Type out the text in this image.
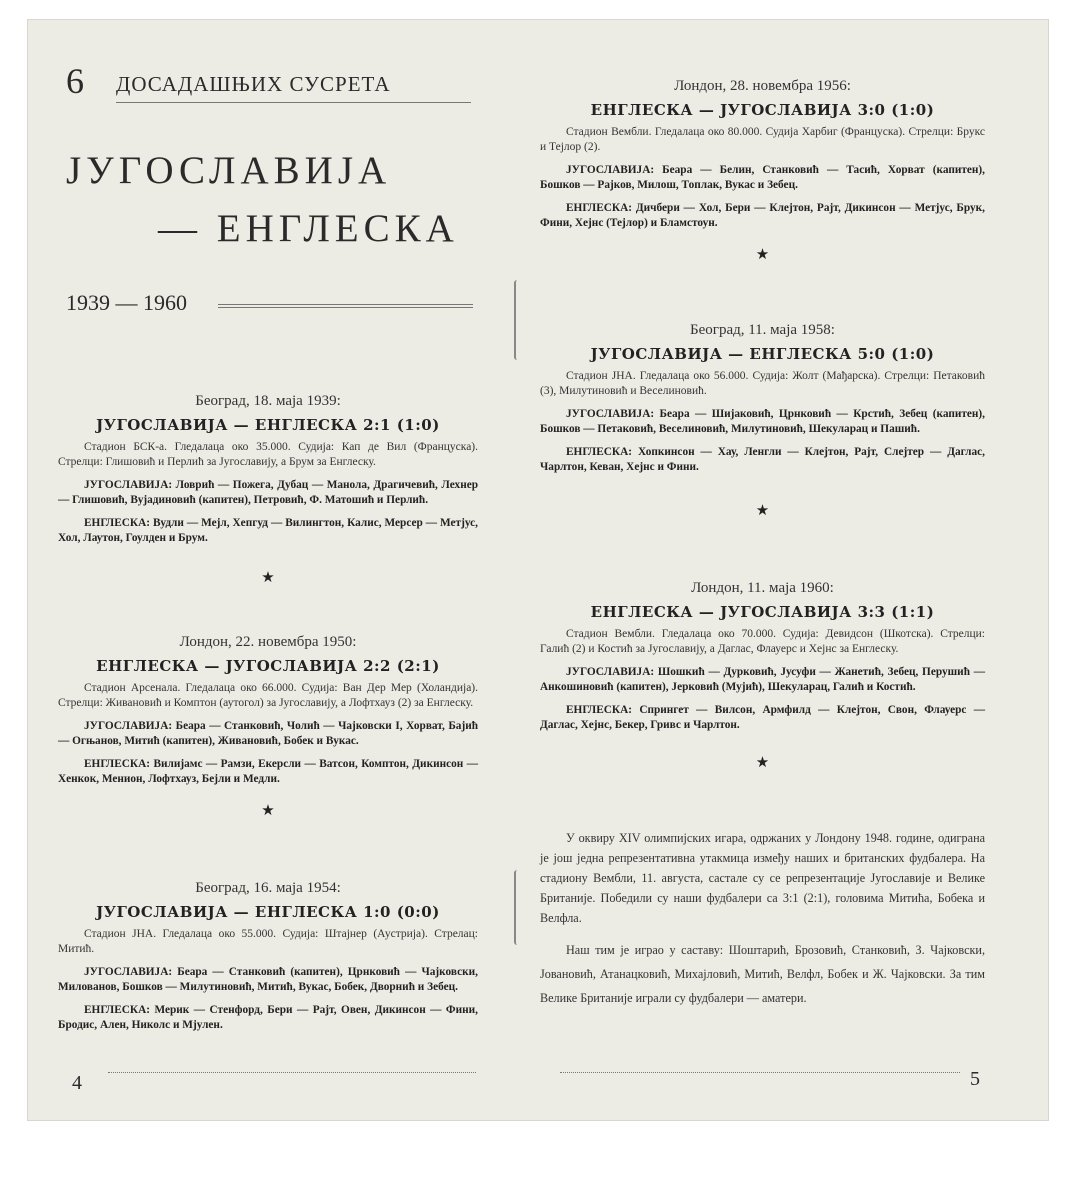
6 ДОСАДАШЊИХ СУСРЕТА
ЈУГОСЛАВИЈА
— ЕНГЛЕСКА
1939 — 1960
Београд, 18. маја 1939:
ЈУГОСЛАВИЈА — ЕНГЛЕСКА 2:1 (1:0)
Стадион БСК-а. Гледалаца око 35.000. Судија: Кап де Вил (Француска). Стрелци: Глишовић и Перлић за Југославију, а Брум за Енглеску.
ЈУГОСЛАВИЈА: Ловрић — Пожега, Дубац — Манола, Драгичевић, Лехнер — Глишовић, Вујадиновић (капитен), Петровић, Ф. Матошић и Перлић.
ЕНГЛЕСКА: Вудли — Мејл, Хепгуд — Вилингтон, Калис, Мерсер — Метјус, Хол, Лаутон, Гоулден и Брум.
★
Лондон, 22. новембра 1950:
ЕНГЛЕСКА — ЈУГОСЛАВИЈА 2:2 (2:1)
Стадион Арсенала. Гледалаца око 66.000. Судија: Ван Дер Мер (Холандија). Стрелци: Живановић и Комптон (аутогол) за Југославију, а Лофтхауз (2) за Енглеску.
ЈУГОСЛАВИЈА: Беара — Станковић, Чолић — Чајковски I, Хорват, Бајић — Огњанов, Митић (капитен), Живановић, Бобек и Вукас.
ЕНГЛЕСКА: Вилијамс — Рамзи, Екерсли — Ватсон, Комптон, Дикинсон — Хенкок, Менион, Лофтхауз, Бејли и Медли.
★
Београд, 16. маја 1954:
ЈУГОСЛАВИЈА — ЕНГЛЕСКА 1:0 (0:0)
Стадион ЈНА. Гледалаца око 55.000. Судија: Штајнер (Аустрија). Стрелац: Митић.
ЈУГОСЛАВИЈА: Беара — Станковић (капитен), Црнковић — Чајковски, Милованов, Бошков — Милутиновић, Митић, Вукас, Бобек, Дворнић и Зебец.
ЕНГЛЕСКА: Мерик — Стенфорд, Бери — Рајт, Овен, Дикинсон — Фини, Бродис, Ален, Николс и Мјулен.
4
Лондон, 28. новембра 1956:
ЕНГЛЕСКА — ЈУГОСЛАВИЈА 3:0 (1:0)
Стадион Вембли. Гледалаца око 80.000. Судија Харбиг (Француска). Стрелци: Брукс и Тејлор (2).
ЈУГОСЛАВИЈА: Беара — Белин, Станковић — Тасић, Хорват (капитен), Бошков — Рајков, Милош, Топлак, Вукас и Зебец.
ЕНГЛЕСКА: Дичбери — Хол, Бери — Клејтон, Рајт, Дикинсон — Метјус, Брук, Фини, Хејнс (Тејлор) и Бламстоун.
★
Београд, 11. маја 1958:
ЈУГОСЛАВИЈА — ЕНГЛЕСКА 5:0 (1:0)
Стадион ЈНА. Гледалаца око 56.000. Судија: Жолт (Мађарска). Стрелци: Петаковић (3), Милутиновић и Веселиновић.
ЈУГОСЛАВИЈА: Беара — Шијаковић, Црнковић — Крстић, Зебец (капитен), Бошков — Петаковић, Веселиновић, Милутиновић, Шекуларац и Пашић.
ЕНГЛЕСКА: Хопкинсон — Хау, Ленгли — Клејтон, Рајт, Слејтер — Даглас, Чарлтон, Кеван, Хејнс и Фини.
★
Лондон, 11. маја 1960:
ЕНГЛЕСКА — ЈУГОСЛАВИЈА 3:3 (1:1)
Стадион Вембли. Гледалаца око 70.000. Судија: Девидсон (Шкотска). Стрелци: Галић (2) и Костић за Југославију, а Даглас, Флауерс и Хејнс за Енглеску.
ЈУГОСЛАВИЈА: Шошкић — Дурковић, Јусуфи — Жанетић, Зебец, Перушић — Анкошиновић (капитен), Јерковић (Мујић), Шекуларац, Галић и Костић.
ЕНГЛЕСКА: Спрингет — Вилсон, Армфилд — Клејтон, Свон, Флауерс — Даглас, Хејнс, Бекер, Гривс и Чарлтон.
★
У оквиру XIV олимпијских игара, одржаних у Лондону 1948. године, одиграна је још једна репрезентативна утакмица између наших и британских фудбалера. На стадиону Вембли, 11. августа, састале су се репрезентације Југославије и Велике Британије. Победили су наши фудбалери са 3:1 (2:1), головима Митића, Бобека и Велфла.
Наш тим је играо у саставу: Шоштарић, Брозовић, Станковић, З. Чајковски, Јовановић, Атанацковић, Михајловић, Митић, Велфл, Бобек и Ж. Чајковски. За тим Велике Британије играли су фудбалери — аматери.
5
